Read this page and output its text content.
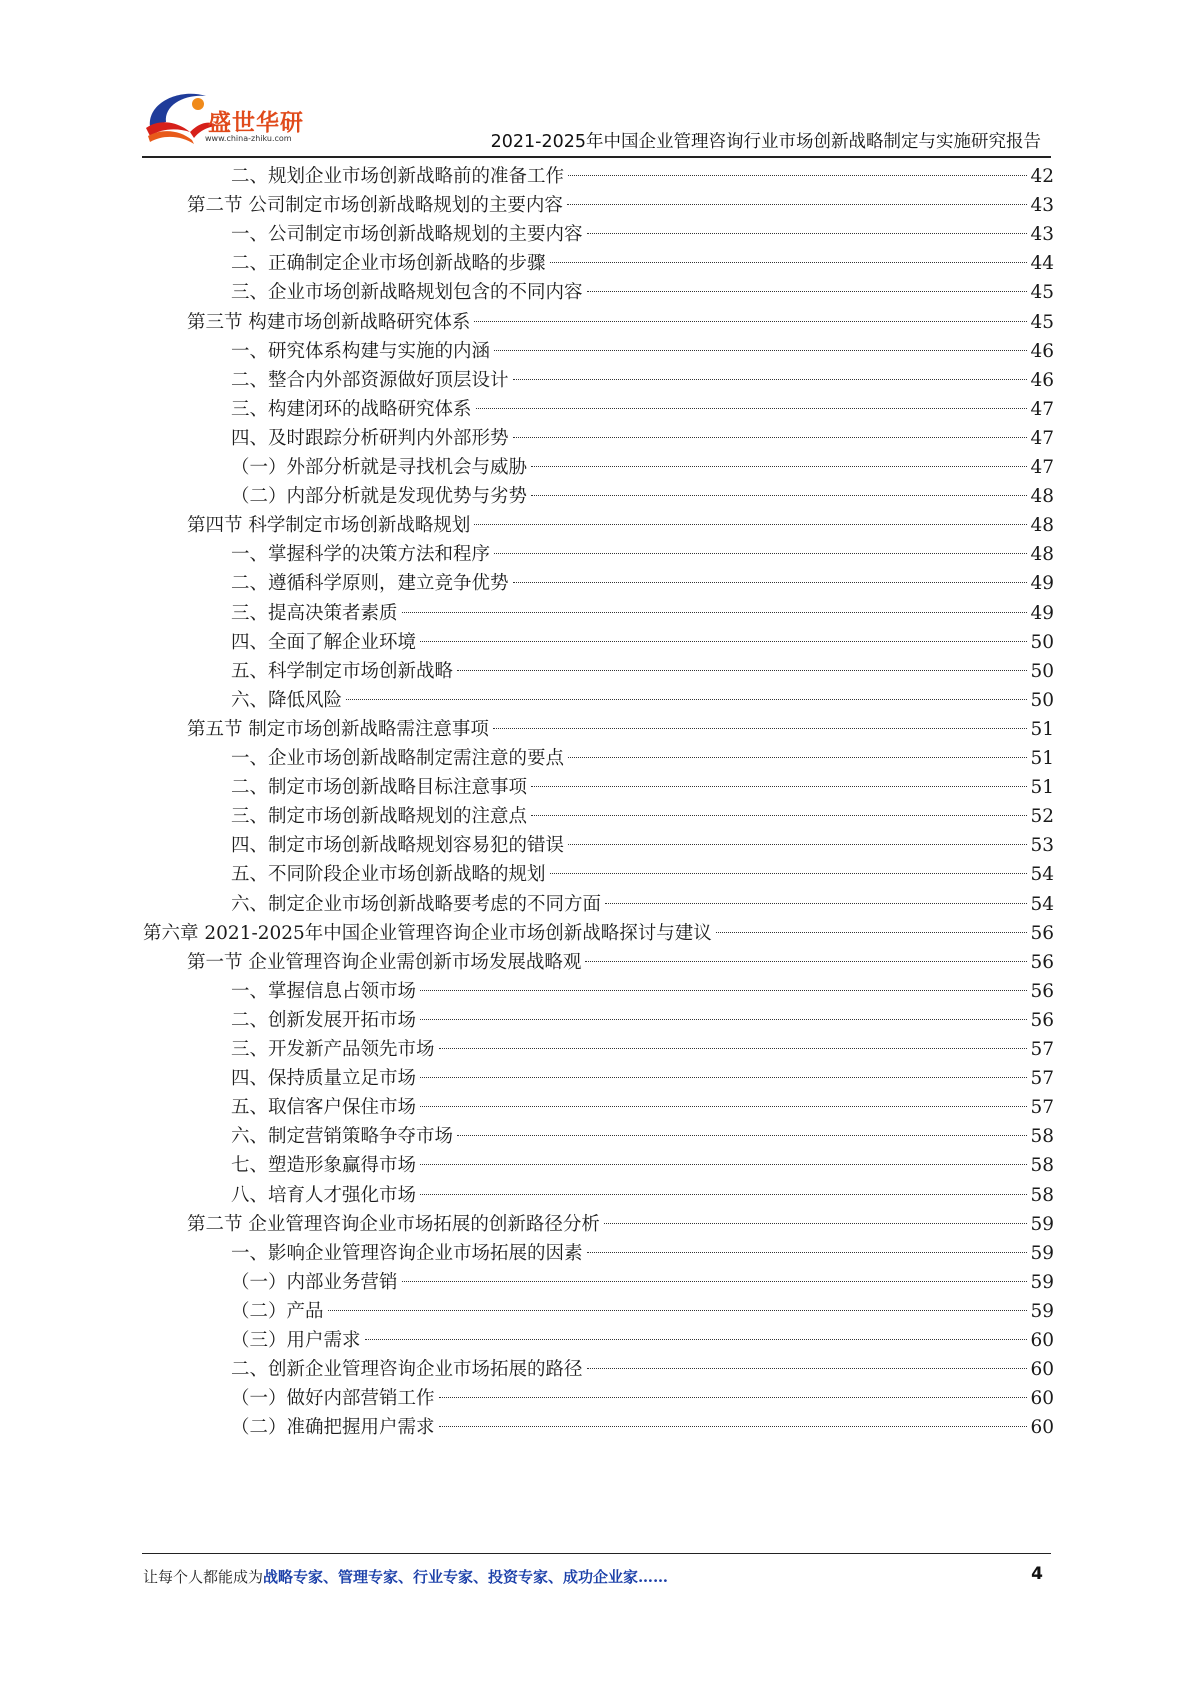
盛世华研
www.china-zhiku.com	2021-2025年中国企业管理咨询行业市场创新战略制定与实施研究报告
二、规划企业市场创新战略前的准备工作	42
第二节 公司制定市场创新战略规划的主要内容	43
一、公司制定市场创新战略规划的主要内容	43
二、正确制定企业市场创新战略的步骤	44
三、企业市场创新战略规划包含的不同内容	45
第三节 构建市场创新战略研究体系	45
一、研究体系构建与实施的内涵	46
二、整合内外部资源做好顶层设计	46
三、构建闭环的战略研究体系	47
四、及时跟踪分析研判内外部形势	47
（一）外部分析就是寻找机会与威胁	47
（二）内部分析就是发现优势与劣势	48
第四节 科学制定市场创新战略规划	48
一、掌握科学的决策方法和程序	48
二、遵循科学原则，建立竞争优势	49
三、提高决策者素质	49
四、全面了解企业环境	50
五、科学制定市场创新战略	50
六、降低风险	50
第五节 制定市场创新战略需注意事项	51
一、企业市场创新战略制定需注意的要点	51
二、制定市场创新战略目标注意事项	51
三、制定市场创新战略规划的注意点	52
四、制定市场创新战略规划容易犯的错误	53
五、不同阶段企业市场创新战略的规划	54
六、制定企业市场创新战略要考虑的不同方面	54
第六章 2021-2025年中国企业管理咨询企业市场创新战略探讨与建议	56
第一节 企业管理咨询企业需创新市场发展战略观	56
一、掌握信息占领市场	56
二、创新发展开拓市场	56
三、开发新产品领先市场	57
四、保持质量立足市场	57
五、取信客户保住市场	57
六、制定营销策略争夺市场	58
七、塑造形象赢得市场	58
八、培育人才强化市场	58
第二节 企业管理咨询企业市场拓展的创新路径分析	59
一、影响企业管理咨询企业市场拓展的因素	59
（一）内部业务营销	59
（二）产品	59
（三）用户需求	60
二、创新企业管理咨询企业市场拓展的路径	60
（一）做好内部营销工作	60
（二）准确把握用户需求	60
让每个人都能成为战略专家、管理专家、行业专家、投资专家、成功企业家……	4
